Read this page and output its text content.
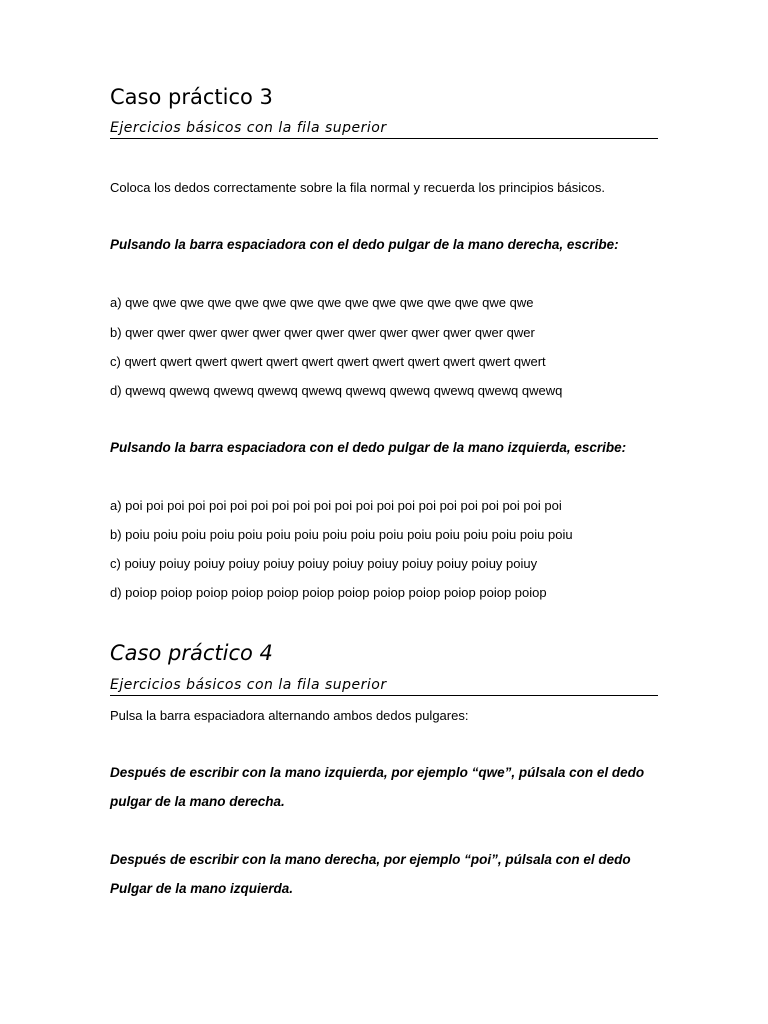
Caso práctico 3
Ejercicios básicos con la fila superior
Coloca los dedos correctamente sobre la fila normal y recuerda los principios básicos.
Pulsando la barra espaciadora con el dedo pulgar de la mano derecha, escribe:
a) qwe qwe qwe qwe qwe qwe qwe qwe qwe qwe qwe qwe qwe qwe qwe
b) qwer qwer qwer qwer qwer qwer qwer qwer qwer qwer qwer qwer qwer
c) qwert qwert qwert qwert qwert qwert qwert qwert qwert qwert qwert qwert
d) qwewq qwewq qwewq qwewq qwewq qwewq qwewq qwewq qwewq qwewq
Pulsando la barra espaciadora con el dedo pulgar de la mano izquierda, escribe:
a) poi poi poi poi poi poi poi poi poi poi poi poi poi poi poi poi poi poi poi poi poi
b) poiu poiu poiu poiu poiu poiu poiu poiu poiu poiu poiu poiu poiu poiu poiu poiu
c) poiuy poiuy poiuy poiuy poiuy poiuy poiuy poiuy poiuy poiuy poiuy poiuy
d) poiop poiop poiop poiop poiop poiop poiop poiop poiop poiop poiop poiop
Caso práctico 4
Ejercicios básicos con la fila superior
Pulsa la barra espaciadora alternando ambos dedos pulgares:
Después de escribir con la mano izquierda, por ejemplo “qwe”, púlsala con el dedo
pulgar de la mano derecha.
Después de escribir con la mano derecha, por ejemplo “poi”, púlsala con el dedo
Pulgar de la mano izquierda.
